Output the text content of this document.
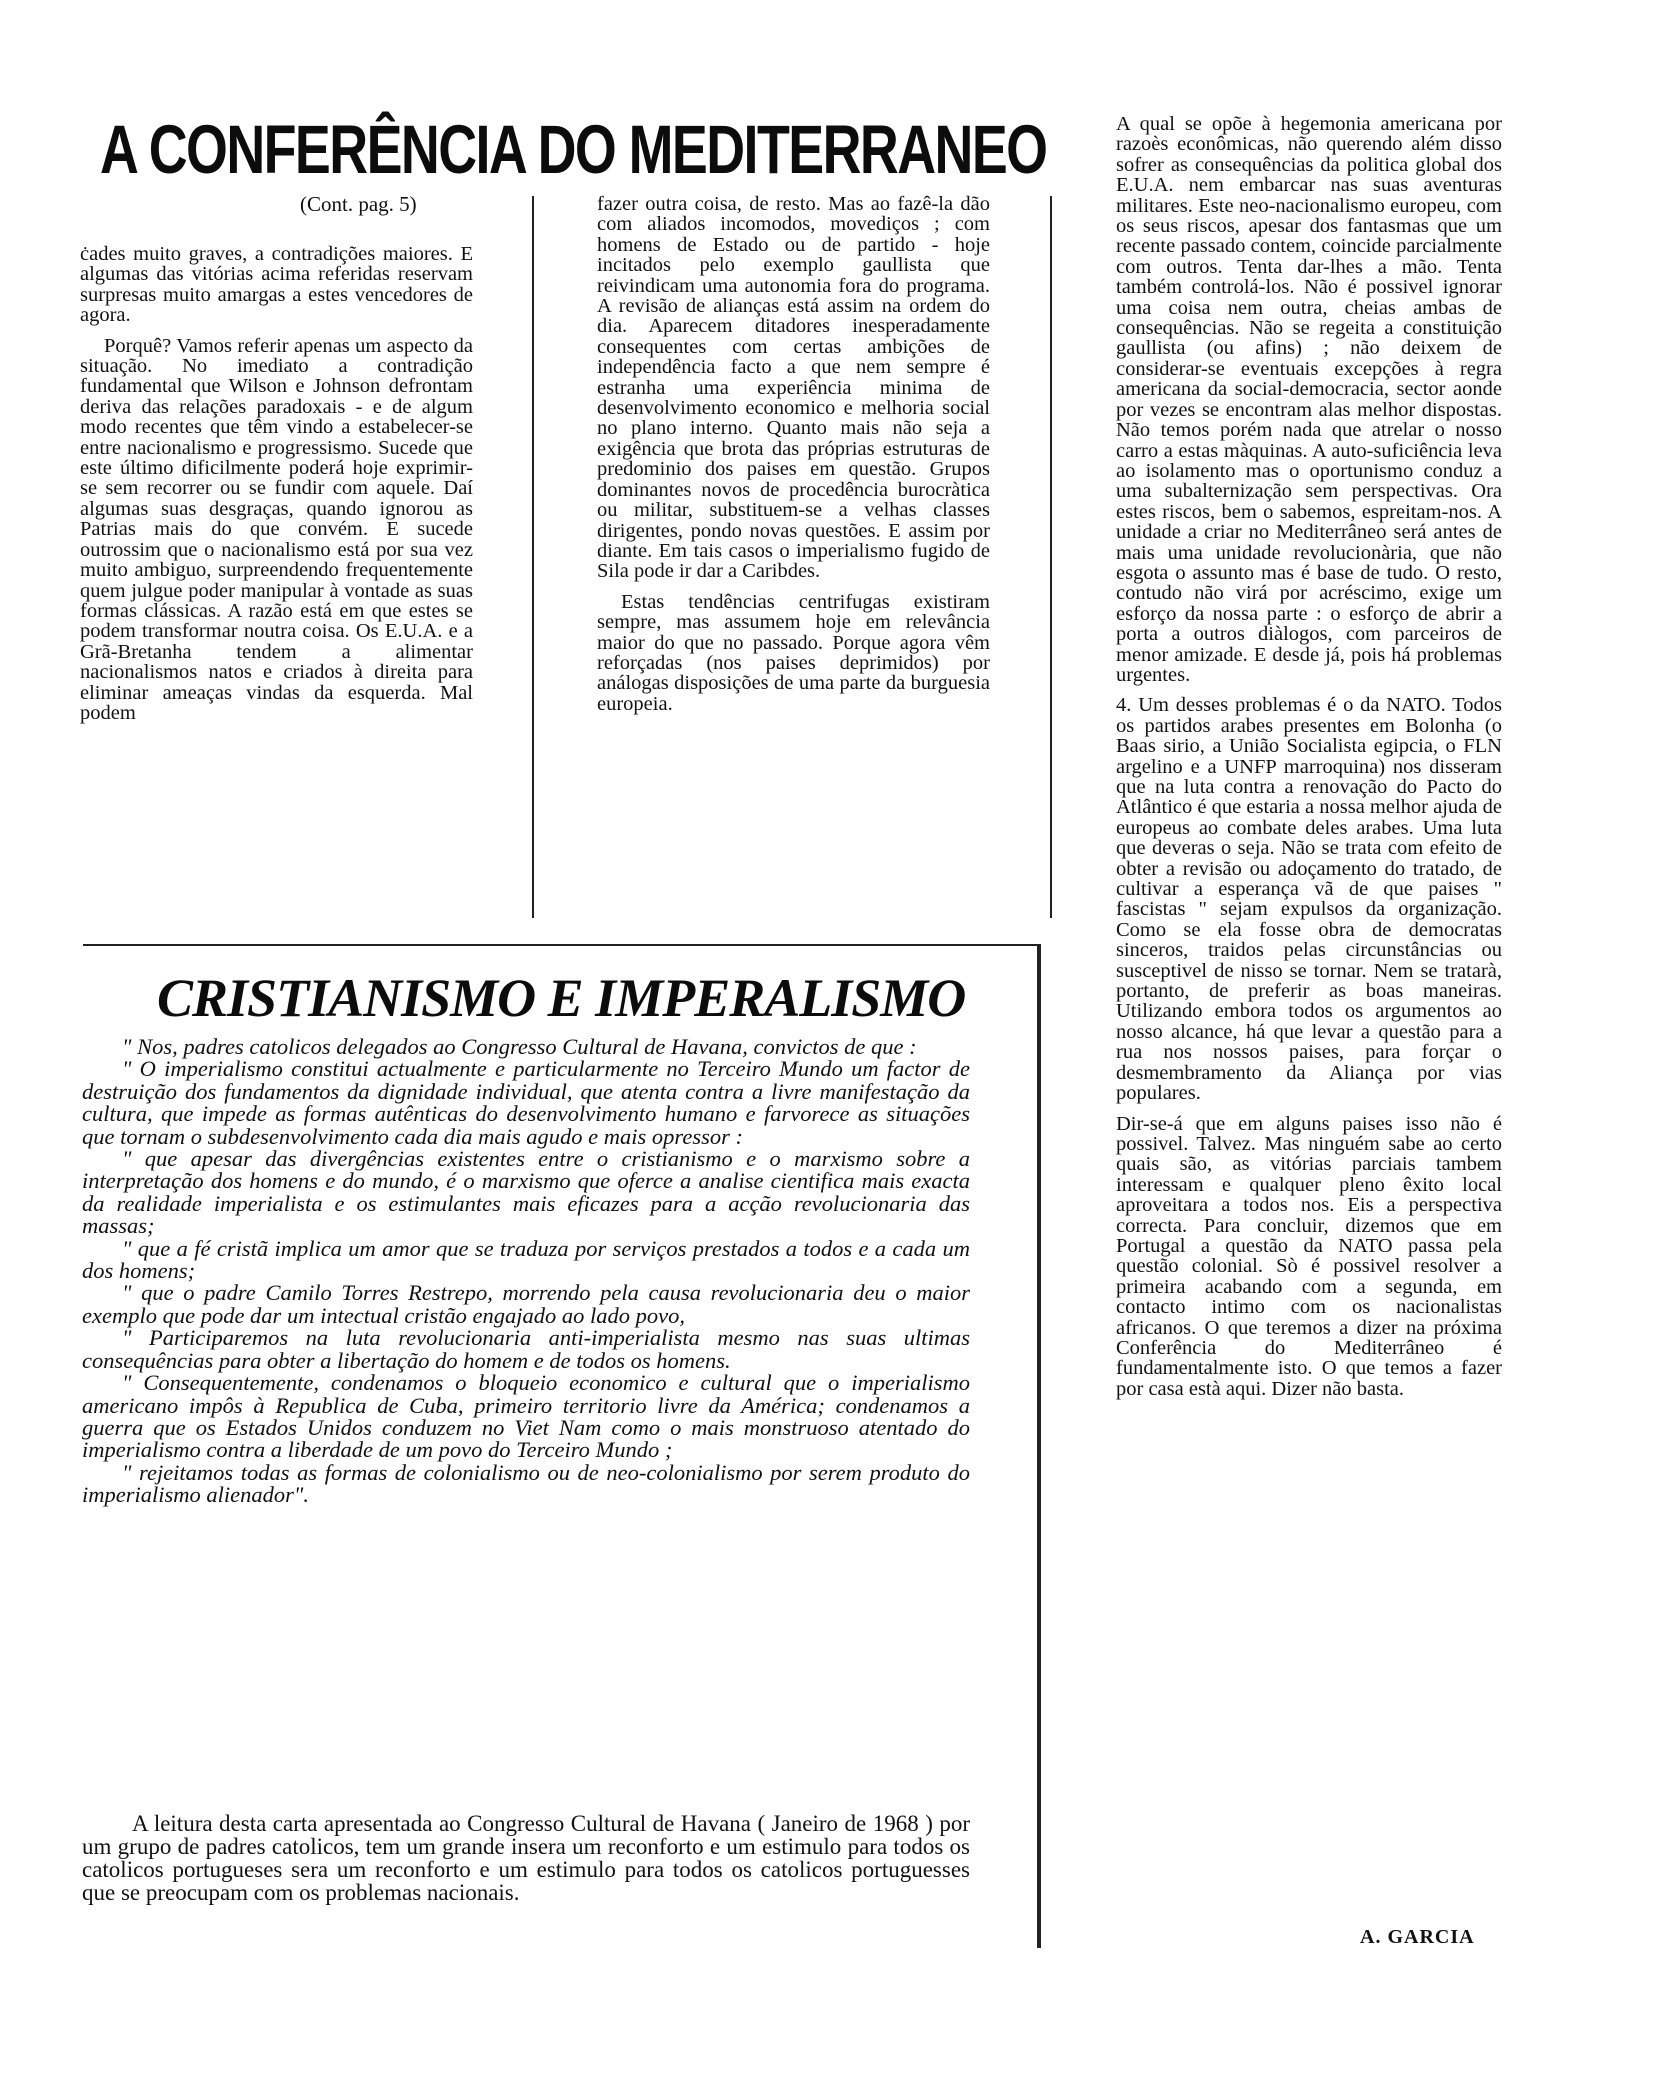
A CONFERÊNCIA DO MEDITERRANEO
(Cont. pag. 5)

ċades muito graves, a contradições maiores. E algumas das vitórias acima referidas reservam surpresas muito amargas a estes vencedores de agora.

Porquê? Vamos referir apenas um aspecto da situação. No imediato a contradição fundamental que Wilson e Johnson defrontam deriva das relações paradoxais - e de algum modo recentes que têm vindo a estabelecer-se entre nacionalismo e progressismo. Sucede que este último dificilmente poderá hoje exprimir-se sem recorrer ou se fundir com aquele. Daí algumas suas desgraças, quando ignorou as Patrias mais do que convém. E sucede outrossim que o nacionalismo está por sua vez muito ambiguo, surpreendendo frequentemente quem julgue poder manipular à vontade as suas formas clássicas. A razão está em que estes se podem transformar noutra coisa. Os E.U.A. e a Grã-Bretanha tendem a alimentar nacionalismos natos e criados à direita para eliminar ameaças vindas da esquerda. Mal podem

fazer outra coisa, de resto. Mas ao fazê-la dão com aliados incomodos, movediços ; com homens de Estado ou de partido - hoje incitados pelo exemplo gaullista que reivindicam uma autonomia fora do programa. A revisão de alianças está assim na ordem do dia. Aparecem ditadores inesperadamente consequentes com certas ambições de independência facto a que nem sempre é estranha uma experiência minima de desenvolvimento economico e melhoria social no plano interno. Quanto mais não seja a exigência que brota das próprias estruturas de predominio dos paises em questão. Grupos dominantes novos de procedência burocràtica ou militar, substituem-se a velhas classes dirigentes, pondo novas questões. E assim por diante. Em tais casos o imperialismo fugido de Sila pode ir dar a Caribdes.

Estas tendências centrifugas existiram sempre, mas assumem hoje em relevância maior do que no passado. Porque agora vêm reforçadas (nos paises deprimidos) por análogas disposições de uma parte da burguesia europeia.

A qual se opõe à hegemonia americana por razoès econômicas, não querendo além disso sofrer as consequências da politica global dos E.U.A. nem embarcar nas suas aventuras militares. Este neo-nacionalismo europeu, com os seus riscos, apesar dos fantasmas que um recente passado contem, coincide parcialmente com outros. Tenta dar-lhes a mão. Tenta também controlá-los. Não é possivel ignorar uma coisa nem outra, cheias ambas de consequências. Não se regeita a constituição gaullista (ou afins) ; não deixem de considerar-se eventuais excepções à regra americana da social-democracia, sector aonde por vezes se encontram alas melhor dispostas. Não temos porém nada que atrelar o nosso carro a estas màquinas. A auto-suficiência leva ao isolamento mas o oportunismo conduz a uma subalternização sem perspectivas. Ora estes riscos, bem o sabemos, espreitam-nos. A unidade a criar no Mediterrâneo será antes de mais uma unidade revolucionària, que não esgota o assunto mas é base de tudo. O resto, contudo não virá por acréscimo, exige um esforço da nossa parte : o esforço de abrir a porta a outros diàlogos, com parceiros de menor amizade. E desde já, pois há problemas urgentes.

4. Um desses problemas é o da NATO. Todos os partidos arabes presentes em Bolonha (o Baas sirio, a União Socialista egipcia, o FLN argelino e a UNFP marroquina) nos disseram que na luta contra a renovação do Pacto do Atlântico é que estaria a nossa melhor ajuda de europeus ao combate deles arabes. Uma luta que deveras o seja. Não se trata com efeito de obter a revisão ou adoçamento do tratado, de cultivar a esperança vã de que paises " fascistas " sejam expulsos da organização. Como se ela fosse obra de democratas sinceros, traidos pelas circunstâncias ou susceptivel de nisso se tornar. Nem se tratarà, portanto, de preferir as boas maneiras. Utilizando embora todos os argumentos ao nosso alcance, há que levar a questão para a rua nos nossos paises, para forçar o desmembramento da Aliança por vias populares.

Dir-se-á que em alguns paises isso não é possivel. Talvez. Mas ninguém sabe ao certo quais são, as vitórias parciais tambem interessam e qualquer pleno êxito local aproveitara a todos nos. Eis a perspectiva correcta. Para concluir, dizemos que em Portugal a questão da NATO passa pela questão colonial. Sò é possivel resolver a primeira acabando com a segunda, em contacto intimo com os nacionalistas africanos. O que teremos a dizer na próxima Conferência do Mediterrâneo é fundamentalmente isto. O que temos a fazer por casa està aqui. Dizer não basta.

CRISTIANISMO E IMPERALISMO

" Nos, padres catolicos delegados ao Congresso Cultural de Havana, convictos de que :

" O imperialismo constitui actualmente e particularmente no Terceiro Mundo um factor de destruição dos fundamentos da dignidade individual, que atenta contra a livre manifestação da cultura, que impede as formas autênticas do desenvolvimento humano e farvorece as situações que tornam o subdesenvolvimento cada dia mais agudo e mais opressor :

" que apesar das divergências existentes entre o cristianismo e o marxismo sobre a interpretação dos homens e do mundo, é o marxismo que oferce a analise cientifica mais exacta da realidade imperialista e os estimulantes mais eficazes para a acção revolucionaria das massas;

" que a fé cristã implica um amor que se traduza por serviços prestados a todos e a cada um dos homens;

" que o padre Camilo Torres Restrepo, morrendo pela causa revolucionaria deu o maior exemplo que pode dar um intectual cristão engajado ao lado povo,

" Participaremos na luta revolucionaria anti-imperialista mesmo nas suas ultimas consequências para obter a libertação do homem e de todos os homens.

" Consequentemente, condenamos o bloqueio economico e cultural que o imperialismo americano impôs à Republica de Cuba, primeiro territorio livre da América; condenamos a guerra que os Estados Unidos conduzem no Viet Nam como o mais monstruoso atentado do imperialismo contra a liberdade de um povo do Terceiro Mundo ;

" rejeitamos todas as formas de colonialismo ou de neo-colonialismo por serem produto do imperialismo alienador".

A leitura desta carta apresentada ao Congresso Cultural de Havana ( Janeiro de 1968 ) por um grupo de padres catolicos, tem um grande insera um reconforto e um estimulo para todos os catolicos portugueses sera um reconforto e um estimulo para todos os catolicos portuguesses que se preocupam com os problemas nacionais.

A. GARCIA
